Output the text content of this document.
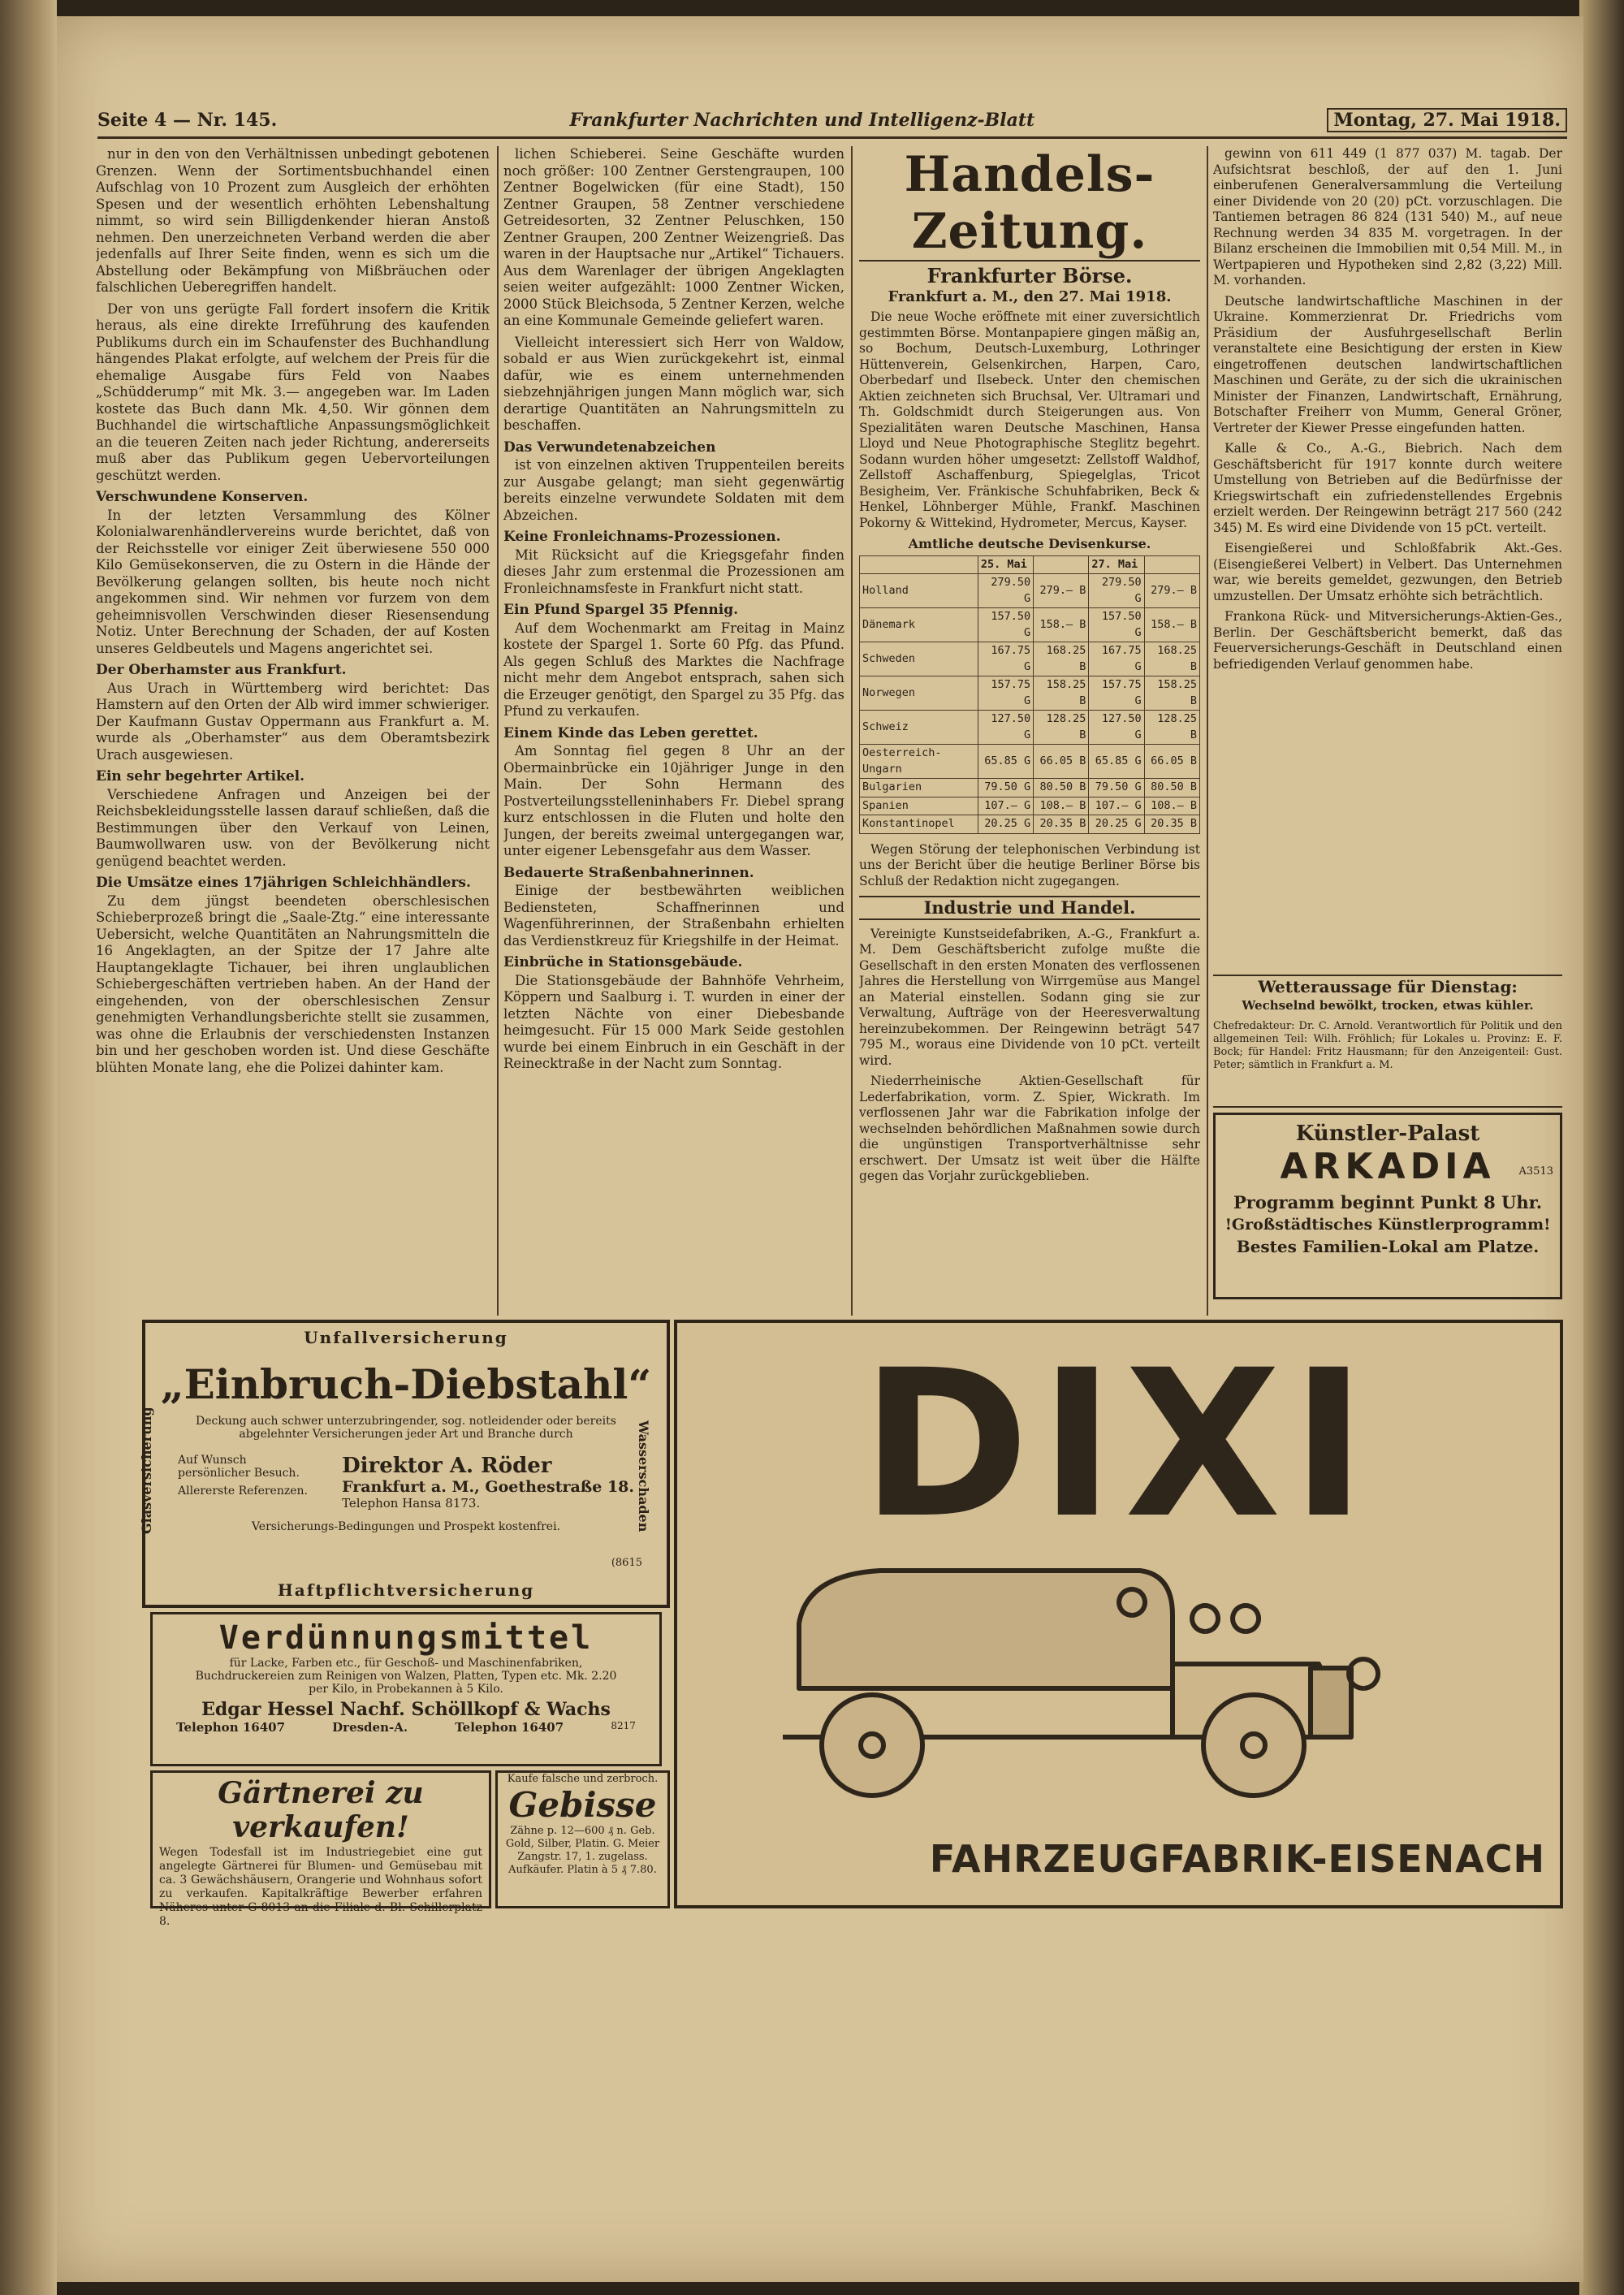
Seite 4 — Nr. 145.	Frankfurter Nachrichten und Intelligenz-Blatt	Montag, 27. Mai 1918.

nur in den von den Verhältnissen unbedingt gebotenen Grenzen. Wenn der Sortimentsbuchhandel einen Aufschlag von 10 Prozent zum Ausgleich der erhöhten Spesen und der wesentlich erhöhten Lebenshaltung nimmt, so wird sein Billigdenkender hieran Anstoß nehmen. Den unerzeichneten Verband werden die aber jedenfalls auf Ihrer Seite finden, wenn es sich um die Abstellung oder Bekämpfung von Mißbräuchen oder falschlichen Ueberegriffen handelt.

Der von uns gerügte Fall fordert insofern die Kritik heraus, als eine direkte Irreführung des kaufenden Publikums durch ein im Schaufenster des Buchhandlung hängendes Plakat erfolgte, auf welchem der Preis für die ehemalige Ausgabe fürs Feld von Naabes „Schüdderump“ mit Mk. 3.— angegeben war. Im Laden kostete das Buch dann Mk. 4,50. Wir gönnen dem Buchhandel die wirtschaftliche Anpassungsmöglichkeit an die teueren Zeiten nach jeder Richtung, andererseits muß aber das Publikum gegen Uebervorteilungen geschützt werden.

Verschwundene Konserven.

In der letzten Versammlung des Kölner Kolonialwarenhändlervereins wurde berichtet, daß von der Reichsstelle vor einiger Zeit überwiesene 550 000 Kilo Gemüsekonserven, die zu Ostern in die Hände der Bevölkerung gelangen sollten, bis heute noch nicht angekommen sind. Wir nehmen vor furzem von dem geheimnisvollen Verschwinden dieser Riesensendung Notiz. Unter Berechnung der Schaden, der auf Kosten unseres Geldbeutels und Magens angerichtet sei.

Der Oberhamster aus Frankfurt.

Aus Urach in Württemberg wird berichtet: Das Hamstern auf den Orten der Alb wird immer schwieriger. Der Kaufmann Gustav Oppermann aus Frankfurt a. M. wurde als „Oberhamster“ aus dem Oberamtsbezirk Urach ausgewiesen.

Ein sehr begehrter Artikel.

Verschiedene Anfragen und Anzeigen bei der Reichsbekleidungsstelle lassen darauf schließen, daß die Bestimmungen über den Verkauf von Leinen, Baumwollwaren usw. von der Bevölkerung nicht genügend beachtet werden.

Die Umsätze eines 17jährigen Schleichhändlers.

Zu dem jüngst beendeten oberschlesischen Schieberprozeß bringt die „Saale-Ztg.“ eine interessante Uebersicht, welche Quantitäten an Nahrungsmitteln die 16 Angeklagten, an der Spitze der 17 Jahre alte Hauptangeklagte Tichauer, bei ihren unglaublichen Schiebergeschäften vertrieben haben. An der Hand der eingehenden, von der oberschlesischen Zensur genehmigten Verhandlungsberichte stellt sie zusammen, was ohne die Erlaubnis der verschiedensten Instanzen bin und her geschoben worden ist. Und diese Geschäfte blühten Monate lang, ehe die Polizei dahinter kam.

lichen Schieberei. Seine Geschäfte wurden noch größer: 100 Zentner Gerstengraupen, 100 Zentner Bogelwicken (für eine Stadt), 150 Zentner Graupen, 58 Zentner verschiedene Getreidesorten, 32 Zentner Peluschken, 150 Zentner Graupen, 200 Zentner Weizengrieß. Das waren in der Hauptsache nur „Artikel“ Tichauers. Aus dem Warenlager der übrigen Angeklagten seien weiter aufgezählt: 1000 Zentner Wicken, 2000 Stück Bleichsoda, 5 Zentner Kerzen, welche an eine Kommunale Gemeinde geliefert waren.

Vielleicht interessiert sich Herr von Waldow, sobald er aus Wien zurückgekehrt ist, einmal dafür, wie es einem unternehmenden siebzehnjährigen jungen Mann möglich war, sich derartige Quantitäten an Nahrungsmitteln zu beschaffen.

Das Verwundetenabzeichen

ist von einzelnen aktiven Truppenteilen bereits zur Ausgabe gelangt; man sieht gegenwärtig bereits einzelne verwundete Soldaten mit dem Abzeichen.

Keine Fronleichnams-Prozessionen.

Mit Rücksicht auf die Kriegsgefahr finden dieses Jahr zum erstenmal die Prozessionen am Fronleichnamsfeste in Frankfurt nicht statt.

Ein Pfund Spargel 35 Pfennig.

Auf dem Wochenmarkt am Freitag in Mainz kostete der Spargel 1. Sorte 60 Pfg. das Pfund. Als gegen Schluß des Marktes die Nachfrage nicht mehr dem Angebot entsprach, sahen sich die Erzeuger genötigt, den Spargel zu 35 Pfg. das Pfund zu verkaufen.

Einem Kinde das Leben gerettet.

Am Sonntag fiel gegen 8 Uhr an der Obermainbrücke ein 10jähriger Junge in den Main. Der Sohn Hermann des Postverteilungsstelleninhabers Fr. Diebel sprang kurz entschlossen in die Fluten und holte den Jungen, der bereits zweimal untergegangen war, unter eigener Lebensgefahr aus dem Wasser.

Bedauerte Straßenbahnerinnen.

Einige der bestbewährten weiblichen Bediensteten, Schaffnerinnen und Wagenführerinnen, der Straßenbahn erhielten das Verdienstkreuz für Kriegshilfe in der Heimat.

Einbrüche in Stationsgebäude.

Die Stationsgebäude der Bahnhöfe Vehrheim, Köppern und Saalburg i. T. wurden in einer der letzten Nächte von einer Diebesbande heimgesucht. Für 15 000 Mark Seide gestohlen wurde bei einem Einbruch in ein Geschäft in der Reinecktraße in der Nacht zum Sonntag.

Handels-Zeitung.
Frankfurter Börse.
Frankfurt a. M., den 27. Mai 1918.

Die neue Woche eröffnete mit einer zuversichtlich gestimmten Börse. Montanpapiere gingen mäßig an, so Bochum, Deutsch-Luxemburg, Lothringer Hüttenverein, Gelsenkirchen, Harpen, Caro, Oberbedarf und Ilsebeck. Unter den chemischen Aktien zeichneten sich Bruchsal, Ver. Ultramari und Th. Goldschmidt durch Steigerungen aus. Von Spezialitäten waren Deutsche Maschinen, Hansa Lloyd und Neue Photographische Steglitz begehrt. Sodann wurden höher umgesetzt: Zellstoff Waldhof, Zellstoff Aschaffenburg, Spiegelglas, Tricot Besigheim, Ver. Fränkische Schuhfabriken, Beck & Henkel, Löhnberger Mühle, Frankf. Maschinen Pokorny & Wittekind, Hydrometer, Mercus, Kayser.

Amtliche deutsche Devisenkurse.
	25. Mai		27. Mai	
Holland	279.50 G	279.— B	279.50 G	279.— B
Dänemark	157.50 G	158.— B	157.50 G	158.— B
Schweden	167.75 G	168.25 B	167.75 G	168.25 B
Norwegen	157.75 G	158.25 B	157.75 G	158.25 B
Schweiz	127.50 G	128.25 B	127.50 G	128.25 B
Oesterreich-Ungarn	65.85 G	66.05 B	65.85 G	66.05 B
Bulgarien	79.50 G	80.50 B	79.50 G	80.50 B
Spanien	107.— G	108.— B	107.— G	108.— B
Konstantinopel	20.25 G	20.35 B	20.25 G	20.35 B

Wegen Störung der telephonischen Verbindung ist uns der Bericht über die heutige Berliner Börse bis Schluß der Redaktion nicht zugegangen.

Industrie und Handel.

Vereinigte Kunstseidefabriken, A.-G., Frankfurt a. M. Dem Geschäftsbericht zufolge mußte die Gesellschaft in den ersten Monaten des verflossenen Jahres die Herstellung von Wirrgemüse aus Mangel an Material einstellen. Sodann ging sie zur Verwaltung, Aufträge von der Heeresverwaltung hereinzubekommen. Der Reingewinn beträgt 547 795 M., woraus eine Dividende von 10 pCt. verteilt wird.

Niederrheinische Aktien-Gesellschaft für Lederfabrikation, vorm. Z. Spier, Wickrath. Im verflossenen Jahr war die Fabrikation infolge der wechselnden behördlichen Maßnahmen sowie durch die ungünstigen Transportverhältnisse sehr erschwert. Der Umsatz ist weit über die Hälfte gegen das Vorjahr zurückgeblieben.

gewinn von 611 449 (1 877 037) M. tagab. Der Aufsichtsrat beschloß, der auf den 1. Juni einberufenen Generalversammlung die Verteilung einer Dividende von 20 (20) pCt. vorzuschlagen. Die Tantiemen betragen 86 824 (131 540) M., auf neue Rechnung werden 34 835 M. vorgetragen. In der Bilanz erscheinen die Immobilien mit 0,54 Mill. M., in Wertpapieren und Hypotheken sind 2,82 (3,22) Mill. M. vorhanden.

Deutsche landwirtschaftliche Maschinen in der Ukraine. Kommerzienrat Dr. Friedrichs vom Präsidium der Ausfuhrgesellschaft Berlin veranstaltete eine Besichtigung der ersten in Kiew eingetroffenen deutschen landwirtschaftlichen Maschinen und Geräte, zu der sich die ukrainischen Minister der Finanzen, Landwirtschaft, Ernährung, Botschafter Freiherr von Mumm, General Gröner, Vertreter der Kiewer Presse eingefunden hatten.

Kalle & Co., A.-G., Biebrich. Nach dem Geschäftsbericht für 1917 konnte durch weitere Umstellung von Betrieben auf die Bedürfnisse der Kriegswirtschaft ein zufriedenstellendes Ergebnis erzielt werden. Der Reingewinn beträgt 217 560 (242 345) M. Es wird eine Dividende von 15 pCt. verteilt.

Eisengießerei und Schloßfabrik Akt.-Ges. (Eisengießerei Velbert) in Velbert. Das Unternehmen war, wie bereits gemeldet, gezwungen, den Betrieb umzustellen. Der Umsatz erhöhte sich beträchtlich.

Frankona Rück- und Mitversicherungs-Aktien-Ges., Berlin. Der Geschäftsbericht bemerkt, daß das Feuerversicherungs-Geschäft in Deutschland einen befriedigenden Verlauf genommen habe.

Wetteraussage für Dienstag:
Wechselnd bewölkt, trocken, etwas kühler.
Chefredakteur: Dr. C. Arnold. Verantwortlich für Politik und den allgemeinen Teil: Wilh. Fröhlich; für Lokales u. Provinz: E. F. Bock; für Handel: Fritz Hausmann; für den Anzeigenteil: Gust. Peter; sämtlich in Frankfurt a. M.
Künstler-Palast
ARKADIA	A3513
Programm beginnt Punkt 8 Uhr.
!Großstädtisches Künstlerprogramm!
Bestes Familien-Lokal am Platze.
Unfallversicherung
Glasversicherung	Wasserschaden
„Einbruch-Diebstahl“
Deckung auch schwer unterzubringender, sog. notleidender oder bereits abgelehnter Versicherungen jeder Art und Branche durch
Auf Wunsch persönlicher Besuch.
Allererste Referenzen.
Direktor A. Röder
Frankfurt a. M., Goethestraße 18.
Telephon Hansa 8173.
Versicherungs-Bedingungen und Prospekt kostenfrei.
(8615
Haftpflichtversicherung
Verdünnungsmittel
für Lacke, Farben etc., für Geschoß- und Maschinenfabriken, Buchdruckereien zum Reinigen von Walzen, Platten, Typen etc. Mk. 2.20 per Kilo, in Probekannen à 5 Kilo.
Edgar Hessel Nachf. Schöllkopf & Wachs
Telephon 16407	Dresden-A.	Telephon 16407	8217
Gärtnerei zu verkaufen!
Wegen Todesfall ist im Industriegebiet eine gut angelegte Gärtnerei für Blumen- und Gemüsebau mit ca. 3 Gewächshäusern, Orangerie und Wohnhaus sofort zu verkaufen. Kapitalkräftige Bewerber erfahren Näheres unter G 8013 an die Filiale d. Bl. Schillerplatz 8.
Kaufe falsche und zerbroch.
Gebisse
Zähne p. 12—600 ₰ n. Geb. Gold, Silber, Platin. G. Meier Zangstr. 17, 1. zugelass. Aufkäufer. Platin à 5 ₰ 7.80.
DIXI
FAHRZEUGFABRIK-EISENACH
